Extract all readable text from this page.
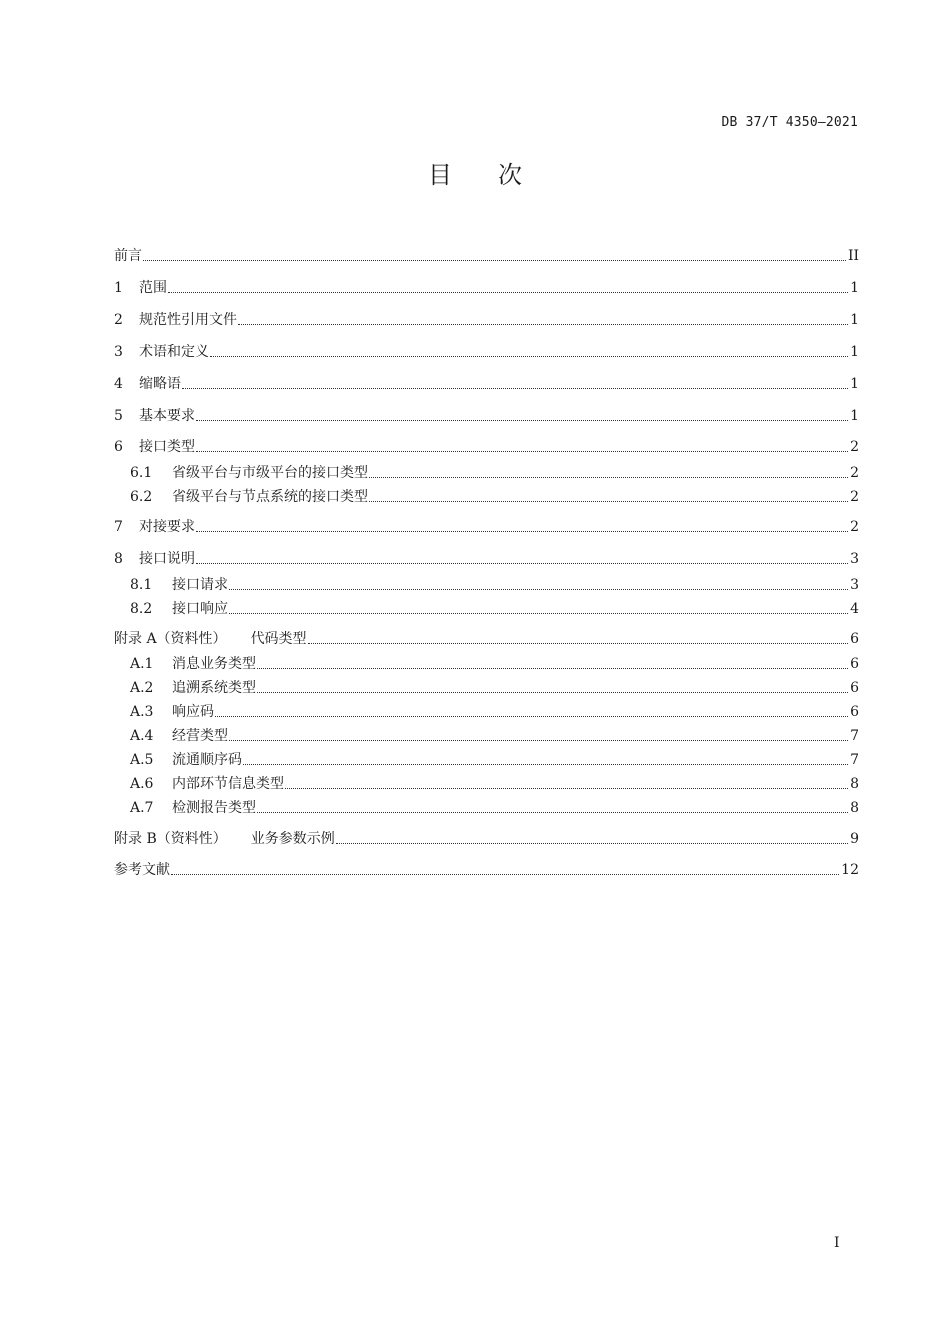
DB 37/T 4350—2021
目 次
前言	II
1	范围	1
2	规范性引用文件	1
3	术语和定义	1
4	缩略语	1
5	基本要求	1
6	接口类型	2
6.1	省级平台与市级平台的接口类型	2
6.2	省级平台与节点系统的接口类型	2
7	对接要求	2
8	接口说明	3
8.1	接口请求	3
8.2	接口响应	4
附录 A（资料性） 代码类型	6
A.1	消息业务类型	6
A.2	追溯系统类型	6
A.3	响应码	6
A.4	经营类型	7
A.5	流通顺序码	7
A.6	内部环节信息类型	8
A.7	检测报告类型	8
附录 B（资料性） 业务参数示例	9
参考文献	12
I
